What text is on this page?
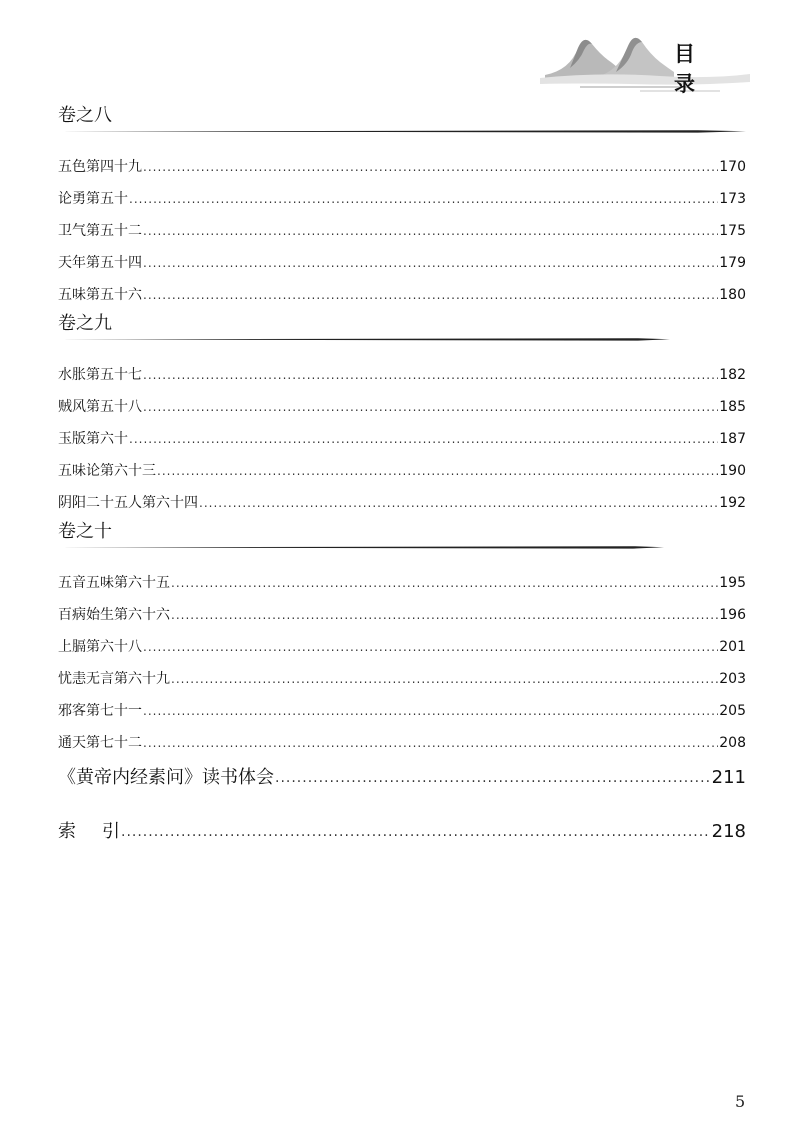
目 录
卷之八
五色第四十九 .....	170
论勇第五十 .....	173
卫气第五十二 .....	175
天年第五十四 .....	179
五味第五十六 .....	180
卷之九
水胀第五十七 .....	182
贼风第五十八 .....	185
玉版第六十 .....	187
五味论第六十三 .....	190
阴阳二十五人第六十四 .....	192
卷之十
五音五味第六十五 .....	195
百病始生第六十六 .....	196
上膈第六十八 .....	201
忧恚无言第六十九 .....	203
邪客第七十一 .....	205
通天第七十二 .....	208
《黄帝内经素问》读书体会 .....	211
索 引 .....	218
5
